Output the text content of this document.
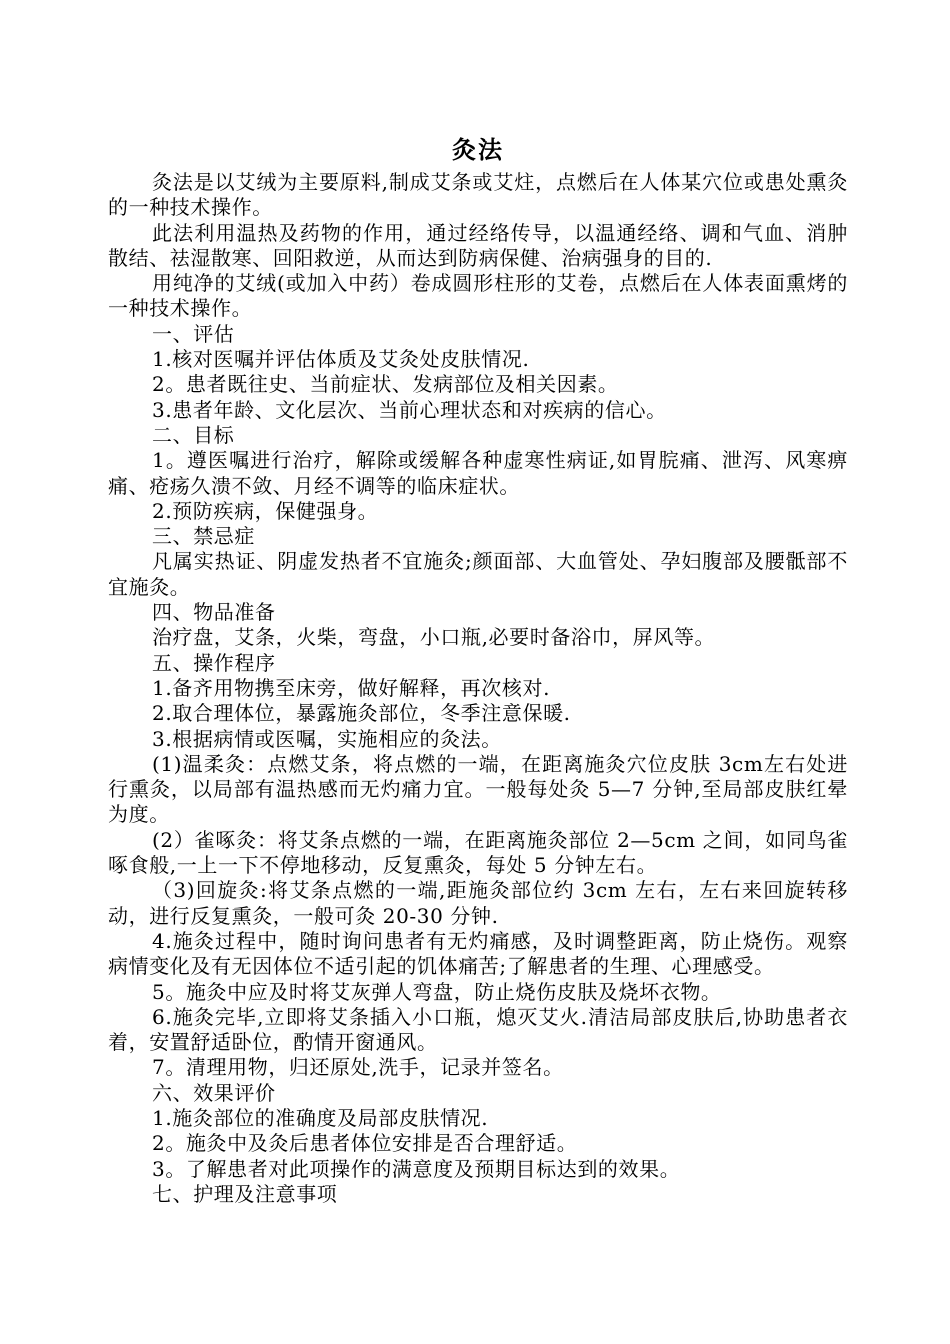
灸法

灸法是以艾绒为主要原料,制成艾条或艾炷，点燃后在人体某穴位或患处熏灸的一种技术操作。

此法利用温热及药物的作用，通过经络传导，以温通经络、调和气血、消肿散结、祛湿散寒、回阳救逆，从而达到防病保健、治病强身的目的.

用纯净的艾绒(或加入中药）卷成圆形柱形的艾卷，点燃后在人体表面熏烤的一种技术操作。

一、评估

1.核对医嘱并评估体质及艾灸处皮肤情况.

2。患者既往史、当前症状、发病部位及相关因素。

3.患者年龄、文化层次、当前心理状态和对疾病的信心。

二、目标

1。遵医嘱进行治疗，解除或缓解各种虚寒性病证,如胃脘痛、泄泻、风寒痹痛、疮疡久溃不敛、月经不调等的临床症状。

2.预防疾病，保健强身。

三、禁忌症

凡属实热证、阴虚发热者不宜施灸;颜面部、大血管处、孕妇腹部及腰骶部不宜施灸。

四、物品准备

治疗盘，艾条，火柴，弯盘，小口瓶,必要时备浴巾，屏风等。

五、操作程序

1.备齐用物携至床旁，做好解释，再次核对.

2.取合理体位，暴露施灸部位，冬季注意保暖.

3.根据病情或医嘱，实施相应的灸法。

(1)温柔灸：点燃艾条，将点燃的一端，在距离施灸穴位皮肤 3cm左右处进行熏灸，以局部有温热感而无灼痛力宜。一般每处灸 5—7 分钟,至局部皮肤红晕为度。

(2）雀啄灸：将艾条点燃的一端，在距离施灸部位 2—5cm 之间，如同鸟雀啄食般,一上一下不停地移动，反复熏灸，每处 5 分钟左右。

（3)回旋灸:将艾条点燃的一端,距施灸部位约 3cm 左右，左右来回旋转移动，进行反复熏灸，一般可灸 20-30 分钟.

4.施灸过程中，随时询问患者有无灼痛感，及时调整距离，防止烧伤。观察病情变化及有无因体位不适引起的饥体痛苦;了解患者的生理、心理感受。

5。施灸中应及时将艾灰弹人弯盘，防止烧伤皮肤及烧坏衣物。

6.施灸完毕,立即将艾条插入小口瓶，熄灭艾火.清洁局部皮肤后,协助患者衣着，安置舒适卧位，酌情开窗通风。

7。清理用物，归还原处,洗手，记录并签名。

六、效果评价

1.施灸部位的准确度及局部皮肤情况.

2。施灸中及灸后患者体位安排是否合理舒适。

3。了解患者对此项操作的满意度及预期目标达到的效果。

七、护理及注意事项
